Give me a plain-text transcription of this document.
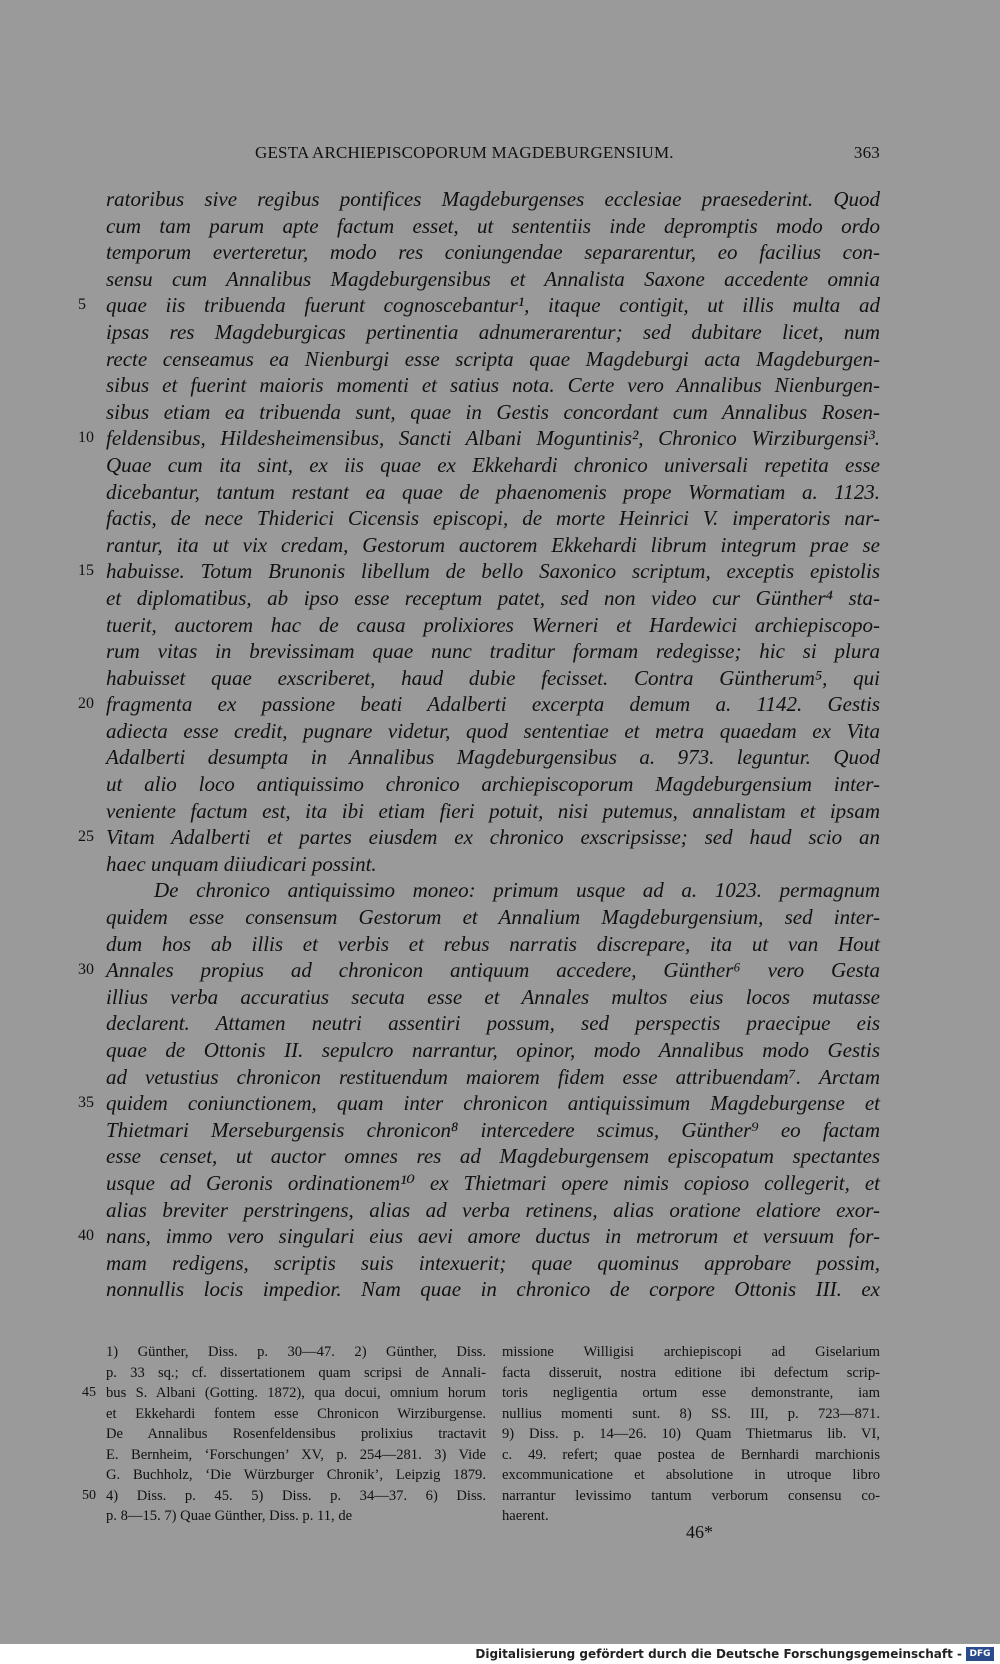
GESTA ARCHIEPISCOPORUM MAGDEBURGENSIUM.	363
ratoribus sive regibus pontifices Magdeburgenses ecclesiae praesederint. Quod
cum tam parum apte factum esset, ut sententiis inde depromptis modo ordo
temporum everteretur, modo res coniungendae separarentur, eo facilius con-
sensu cum Annalibus Magdeburgensibus et Annalista Saxone accedente omnia
5 quae iis tribuenda fuerunt cognoscebantur¹, itaque contigit, ut illis multa ad
ipsas res Magdeburgicas pertinentia adnumerarentur; sed dubitare licet, num
recte censeamus ea Nienburgi esse scripta quae Magdeburgi acta Magdeburgen-
sibus et fuerint maioris momenti et satius nota. Certe vero Annalibus Nienburgen-
sibus etiam ea tribuenda sunt, quae in Gestis concordant cum Annalibus Rosen-
10 feldensibus, Hildesheimensibus, Sancti Albani Moguntinis², Chronico Wirziburgensi³.
Quae cum ita sint, ex iis quae ex Ekkehardi chronico universali repetita esse
dicebantur, tantum restant ea quae de phaenomenis prope Wormatiam a. 1123.
factis, de nece Thiderici Cicensis episcopi, de morte Heinrici V. imperatoris nar-
rantur, ita ut vix credam, Gestorum auctorem Ekkehardi librum integrum prae se
15 habuisse. Totum Brunonis libellum de bello Saxonico scriptum, exceptis epistolis
et diplomatibus, ab ipso esse receptum patet, sed non video cur Günther⁴ sta-
tuerit, auctorem hac de causa prolixiores Werneri et Hardewici archiepiscopo-
rum vitas in brevissimam quae nunc traditur formam redegisse; hic si plura
habuisset quae exscriberet, haud dubie fecisset. Contra Güntherum⁵, qui
20 fragmenta ex passione beati Adalberti excerpta demum a. 1142. Gestis
adiecta esse credit, pugnare videtur, quod sententiae et metra quaedam ex Vita
Adalberti desumpta in Annalibus Magdeburgensibus a. 973. leguntur. Quod
ut alio loco antiquissimo chronico archiepiscoporum Magdeburgensium inter-
veniente factum est, ita ibi etiam fieri potuit, nisi putemus, annalistam et ipsam
25 Vitam Adalberti et partes eiusdem ex chronico exscripsisse; sed haud scio an
haec unquam diiudicari possint.
De chronico antiquissimo moneo: primum usque ad a. 1023. permagnum
quidem esse consensum Gestorum et Annalium Magdeburgensium, sed inter-
dum hos ab illis et verbis et rebus narratis discrepare, ita ut van Hout
30 Annales propius ad chronicon antiquum accedere, Günther⁶ vero Gesta
illius verba accuratius secuta esse et Annales multos eius locos mutasse
declarent. Attamen neutri assentiri possum, sed perspectis praecipue eis
quae de Ottonis II. sepulcro narrantur, opinor, modo Annalibus modo Gestis
ad vetustius chronicon restituendum maiorem fidem esse attribuendam⁷. Arctam
35 quidem coniunctionem, quam inter chronicon antiquissimum Magdeburgense et
Thietmari Merseburgensis chronicon⁸ intercedere scimus, Günther⁹ eo factam
esse censet, ut auctor omnes res ad Magdeburgensem episcopatum spectantes
usque ad Geronis ordinationem¹⁰ ex Thietmari opere nimis copioso collegerit, et
alias breviter perstringens, alias ad verba retinens, alias oratione elatiore exor-
40 nans, immo vero singulari eius aevi amore ductus in metrorum et versuum for-
mam redigens, scriptis suis intexuerit; quae quominus approbare possim,
nonnullis locis impedior. Nam quae in chronico de corpore Ottonis III. ex
1) Günther, Diss. p. 30—47. 2) Günther, Diss.
p. 33 sq.; cf. dissertationem quam scripsi de Annali-
45 bus S. Albani (Gotting. 1872), qua docui, omnium horum
et Ekkehardi fontem esse Chronicon Wirziburgense.
De Annalibus Rosenfeldensibus prolixius tractavit
E. Bernheim, ‘Forschungen’ XV, p. 254—281. 3) Vide
G. Buchholz, ‘Die Würzburger Chronik’, Leipzig 1879.
50 4) Diss. p. 45. 5) Diss. p. 34—37. 6) Diss.
p. 8—15. 7) Quae Günther, Diss. p. 11, de
missione Willigisi archiepiscopi ad Giselarium
facta disseruit, nostra editione ibi defectum scrip-
toris negligentia ortum esse demonstrante, iam
nullius momenti sunt. 8) SS. III, p. 723—871.
9) Diss. p. 14—26. 10) Quam Thietmarus lib. VI,
c. 49. refert; quae postea de Bernhardi marchionis
excommunicatione et absolutione in utroque libro
narrantur levissimo tantum verborum consensu co-
haerent.
46*
Digitalisierung gefördert durch die Deutsche Forschungsgemeinschaft - DFG
